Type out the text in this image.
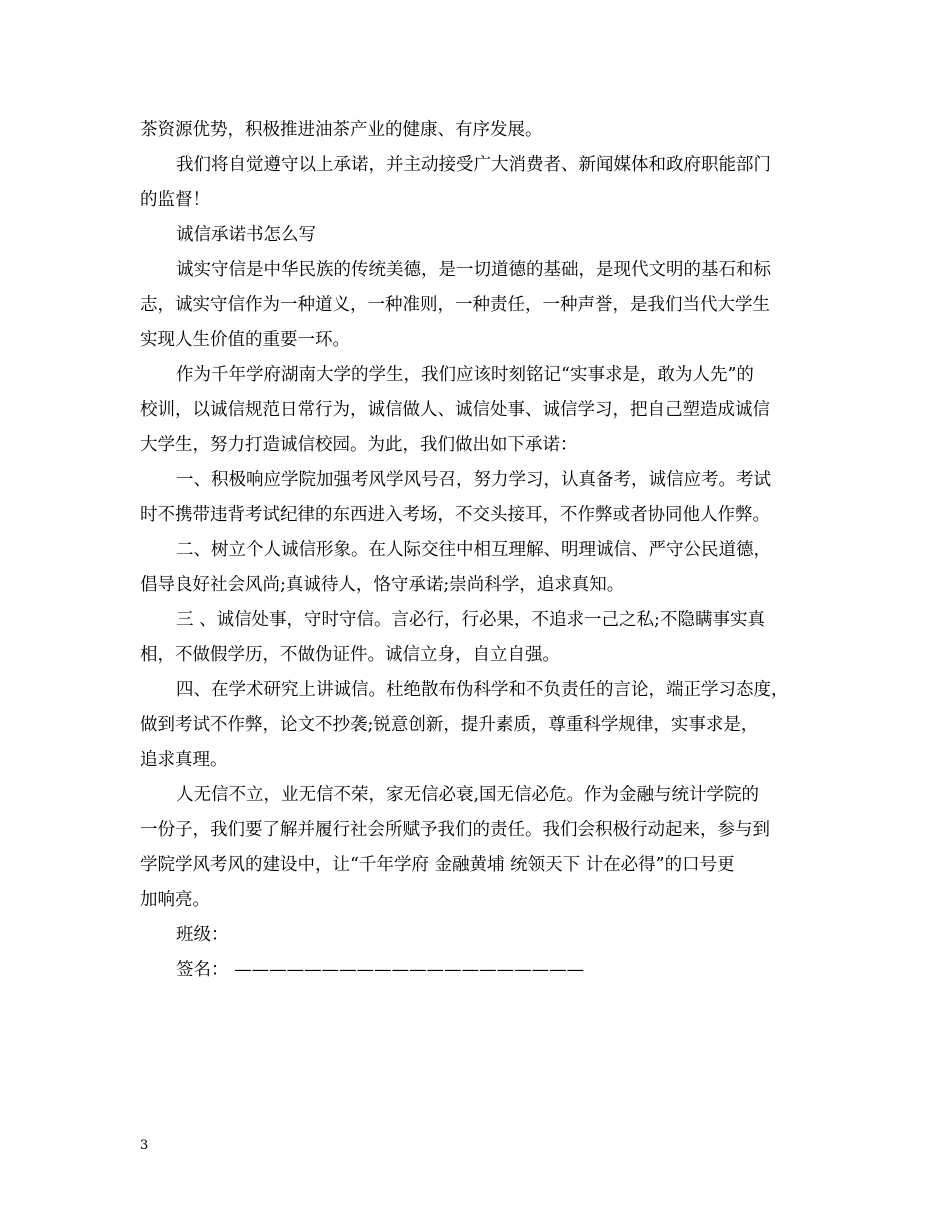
茶资源优势，积极推进油茶产业的健康、有序发展。
我们将自觉遵守以上承诺，并主动接受广大消费者、新闻媒体和政府职能部门
的监督！
诚信承诺书怎么写
诚实守信是中华民族的传统美德，是一切道德的基础，是现代文明的基石和标
志，诚实守信作为一种道义，一种准则，一种责任，一种声誉，是我们当代大学生
实现人生价值的重要一环。
作为千年学府湖南大学的学生，我们应该时刻铭记“实事求是，敢为人先”的
校训，以诚信规范日常行为，诚信做人、诚信处事、诚信学习，把自己塑造成诚信
大学生，努力打造诚信校园。为此，我们做出如下承诺：
一、积极响应学院加强考风学风号召，努力学习，认真备考，诚信应考。考试
时不携带违背考试纪律的东西进入考场，不交头接耳，不作弊或者协同他人作弊。
二、树立个人诚信形象。在人际交往中相互理解、明理诚信、严守公民道德，
倡导良好社会风尚;真诚待人，恪守承诺;崇尚科学，追求真知。
三 、诚信处事，守时守信。言必行，行必果，不追求一己之私;不隐瞒事实真
相，不做假学历，不做伪证件。诚信立身，自立自强。
四、在学术研究上讲诚信。杜绝散布伪科学和不负责任的言论，端正学习态度，
做到考试不作弊，论文不抄袭;锐意创新，提升素质，尊重科学规律，实事求是，
追求真理。
人无信不立，业无信不荣，家无信必衰,国无信必危。作为金融与统计学院的
一份子，我们要了解并履行社会所赋予我们的责任。我们会积极行动起来，参与到
学院学风考风的建设中，让“千年学府 金融黄埔 统领天下 计在必得”的口号更
加响亮。
班级：
签名： ————————————————————
3
